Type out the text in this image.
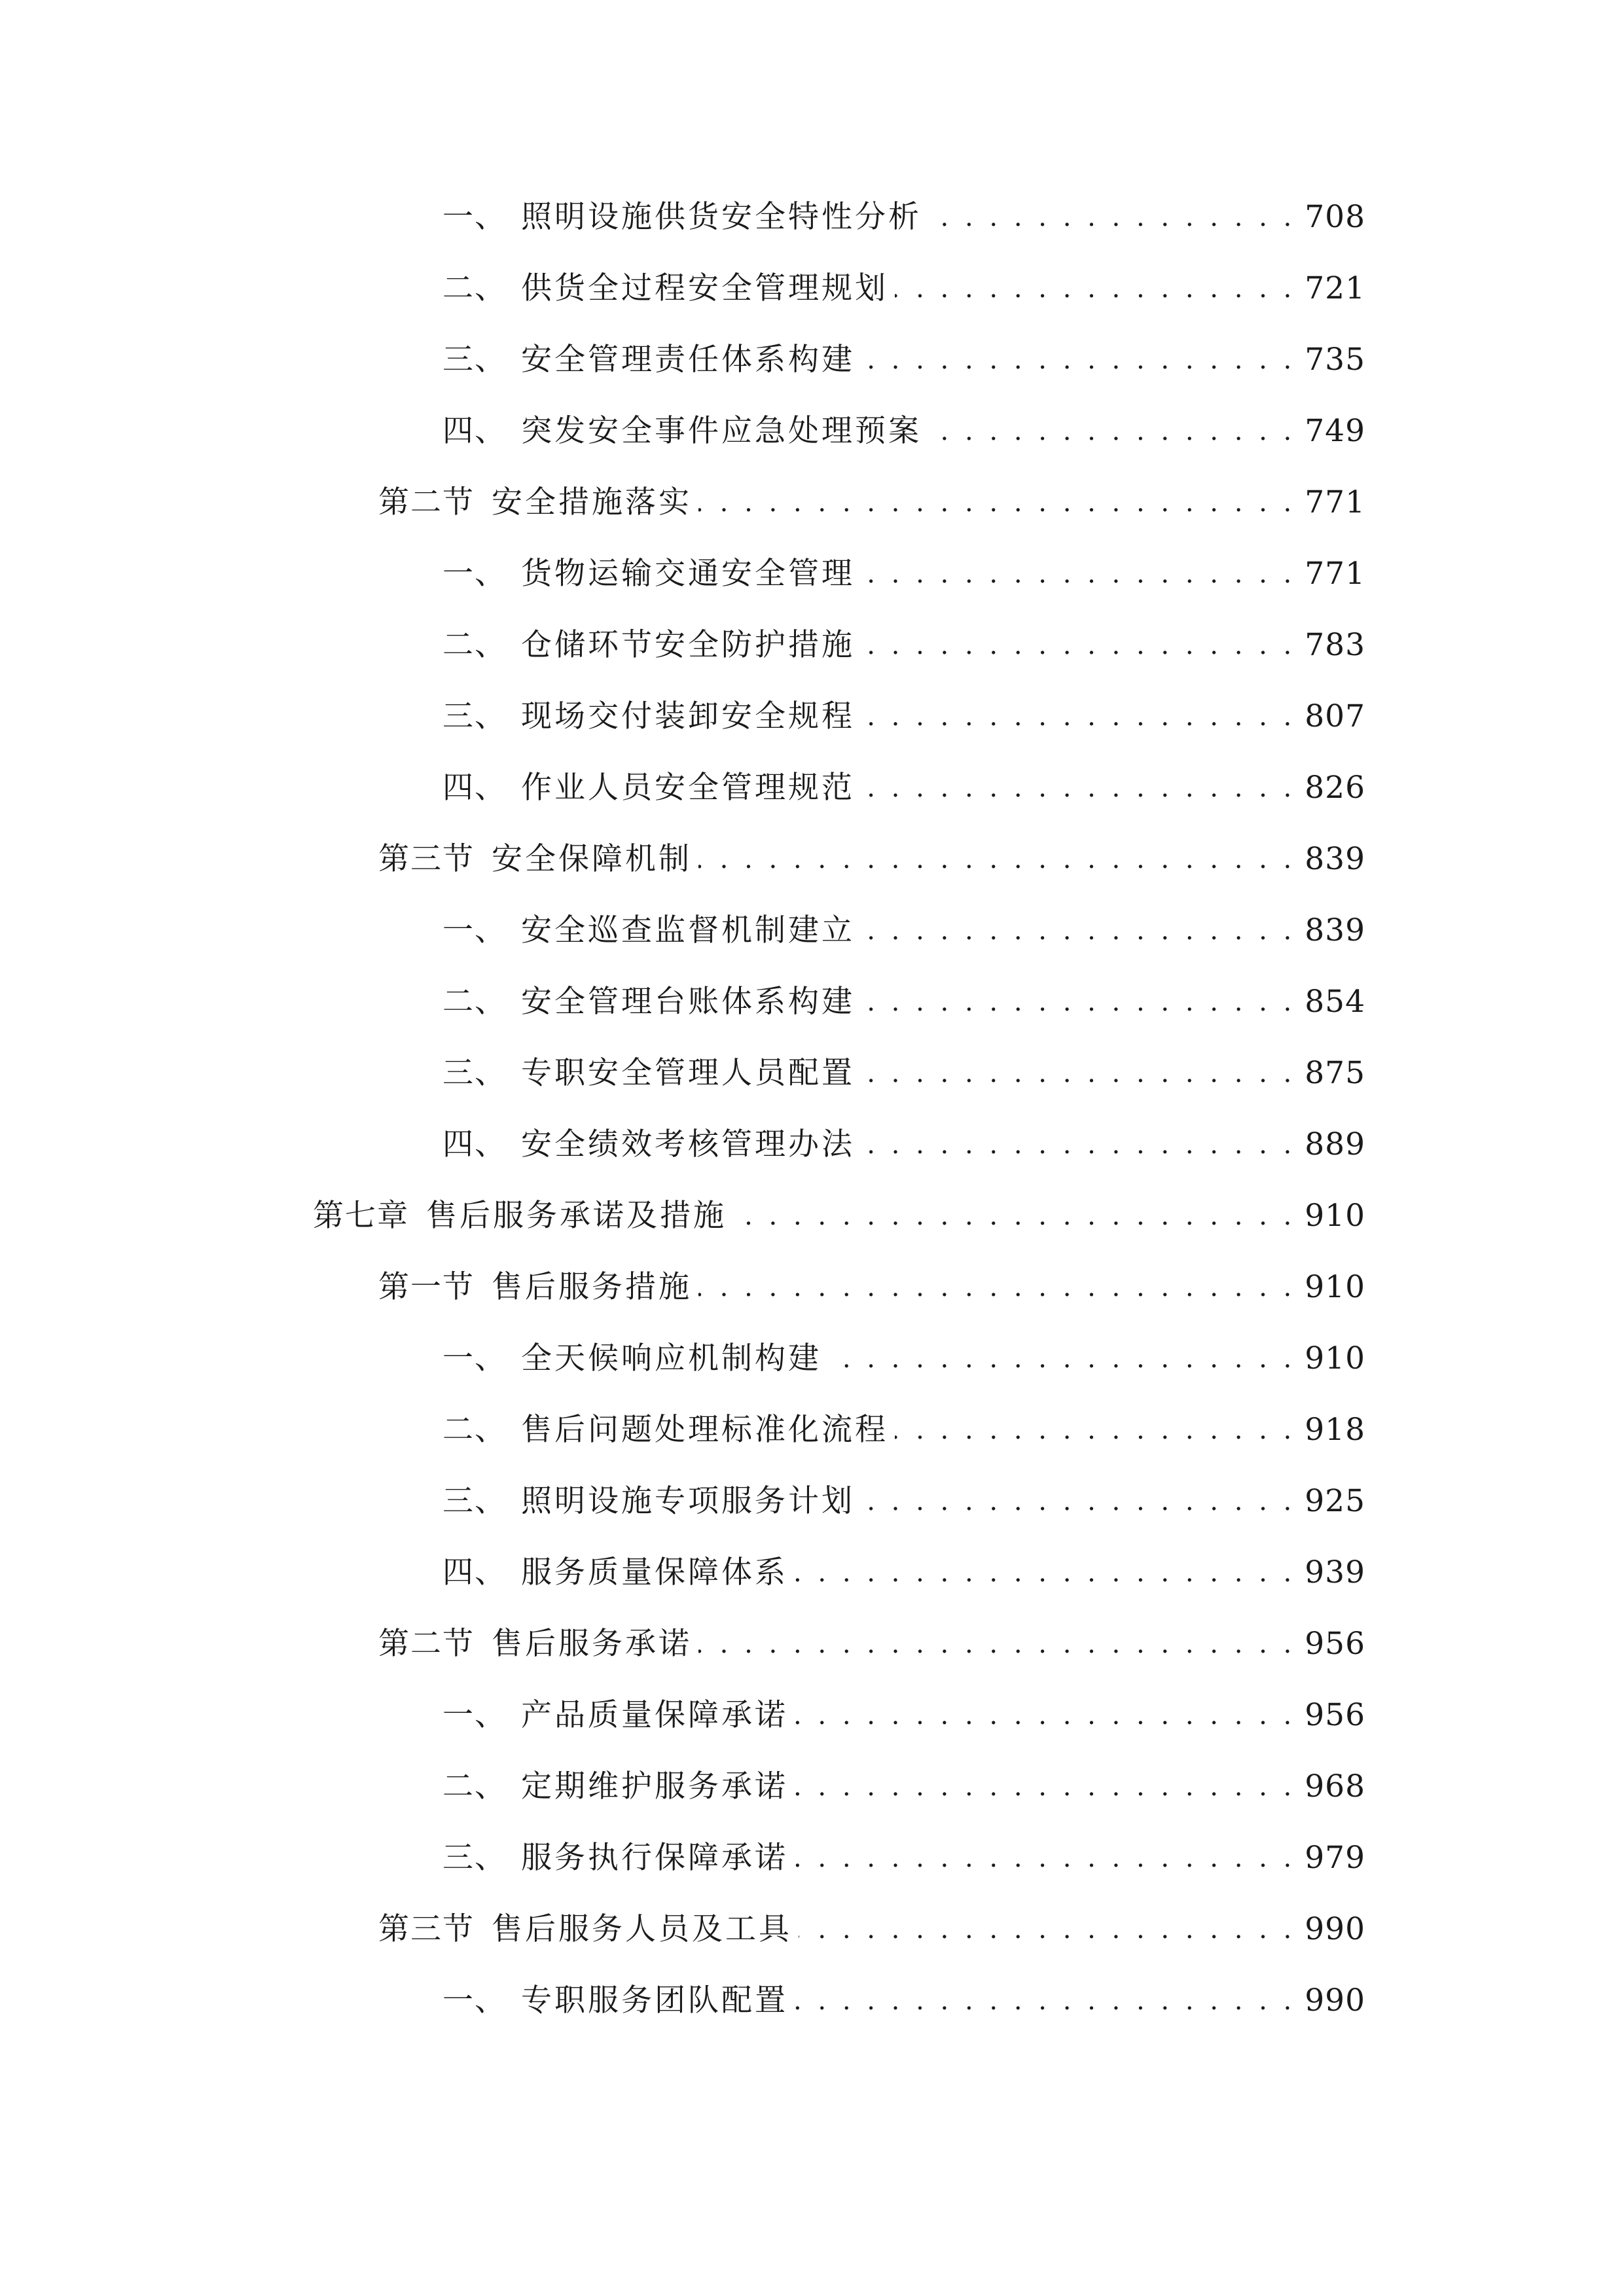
一、 照明设施供货安全特性分析 . . .	708
二、 供货全过程安全管理规划 . . .	721
三、 安全管理责任体系构建 . . .	735
四、 突发安全事件应急处理预案 . . .	749
第二节 安全措施落实 . . .	771
一、 货物运输交通安全管理 . . .	771
二、 仓储环节安全防护措施 . . .	783
三、 现场交付装卸安全规程 . . .	807
四、 作业人员安全管理规范 . . .	826
第三节 安全保障机制 . . .	839
一、 安全巡查监督机制建立 . . .	839
二、 安全管理台账体系构建 . . .	854
三、 专职安全管理人员配置 . . .	875
四、 安全绩效考核管理办法 . . .	889
第七章 售后服务承诺及措施 . . .	910
第一节 售后服务措施 . . .	910
一、 全天候响应机制构建 . . .	910
二、 售后问题处理标准化流程 . . .	918
三、 照明设施专项服务计划 . . .	925
四、 服务质量保障体系 . . .	939
第二节 售后服务承诺 . . .	956
一、 产品质量保障承诺 . . .	956
二、 定期维护服务承诺 . . .	968
三、 服务执行保障承诺 . . .	979
第三节 售后服务人员及工具 . . .	990
一、 专职服务团队配置 . . .	990
